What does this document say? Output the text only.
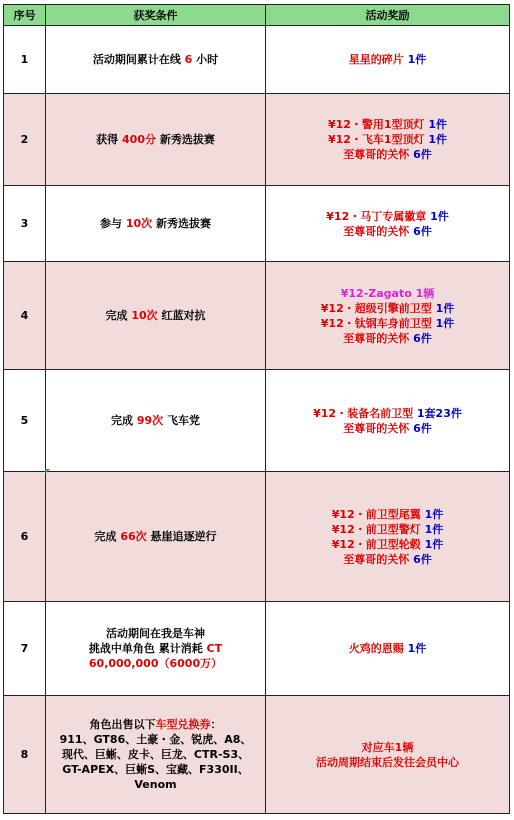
序号	获奖条件	活动奖励
1	活动期间累计在线 6 小时	星星的碎片 1件

2	获得 400分 新秀选拔赛	¥12・警用1型顶灯 1件
¥12・飞车1型顶灯 1件
至尊哥的关怀 6件

3	参与 10次 新秀选拔赛	¥12・马丁专属徽章 1件
至尊哥的关怀 6件

4	完成 10次 红蓝对抗	¥12-Zagato 1辆
¥12・超级引擎前卫型 1件
¥12・钛钢车身前卫型 1件
至尊哥的关怀 6件

5	完成 99次 飞车党	¥12・装备名前卫型 1套23件
至尊哥的关怀 6件

6	完成 66次 悬崖追逐逆行	¥12・前卫型尾翼 1件
¥12・前卫型警灯 1件
¥12・前卫型轮毂 1件
至尊哥的关怀 6件

7	活动期间在我是车神
挑战中单角色 累计消耗 CT
60,000,000（6000万）	火鸡的恩赐 1件

8	角色出售以下车型兑换券：
911、GT86、土豪・金、锐虎、A8、
现代、巨蜥、皮卡、巨龙、CTR-S3、
GT-APEX、巨蜥S、宝藏、F330II、
Venom	对应车1辆
活动周期结束后发往会员中心
